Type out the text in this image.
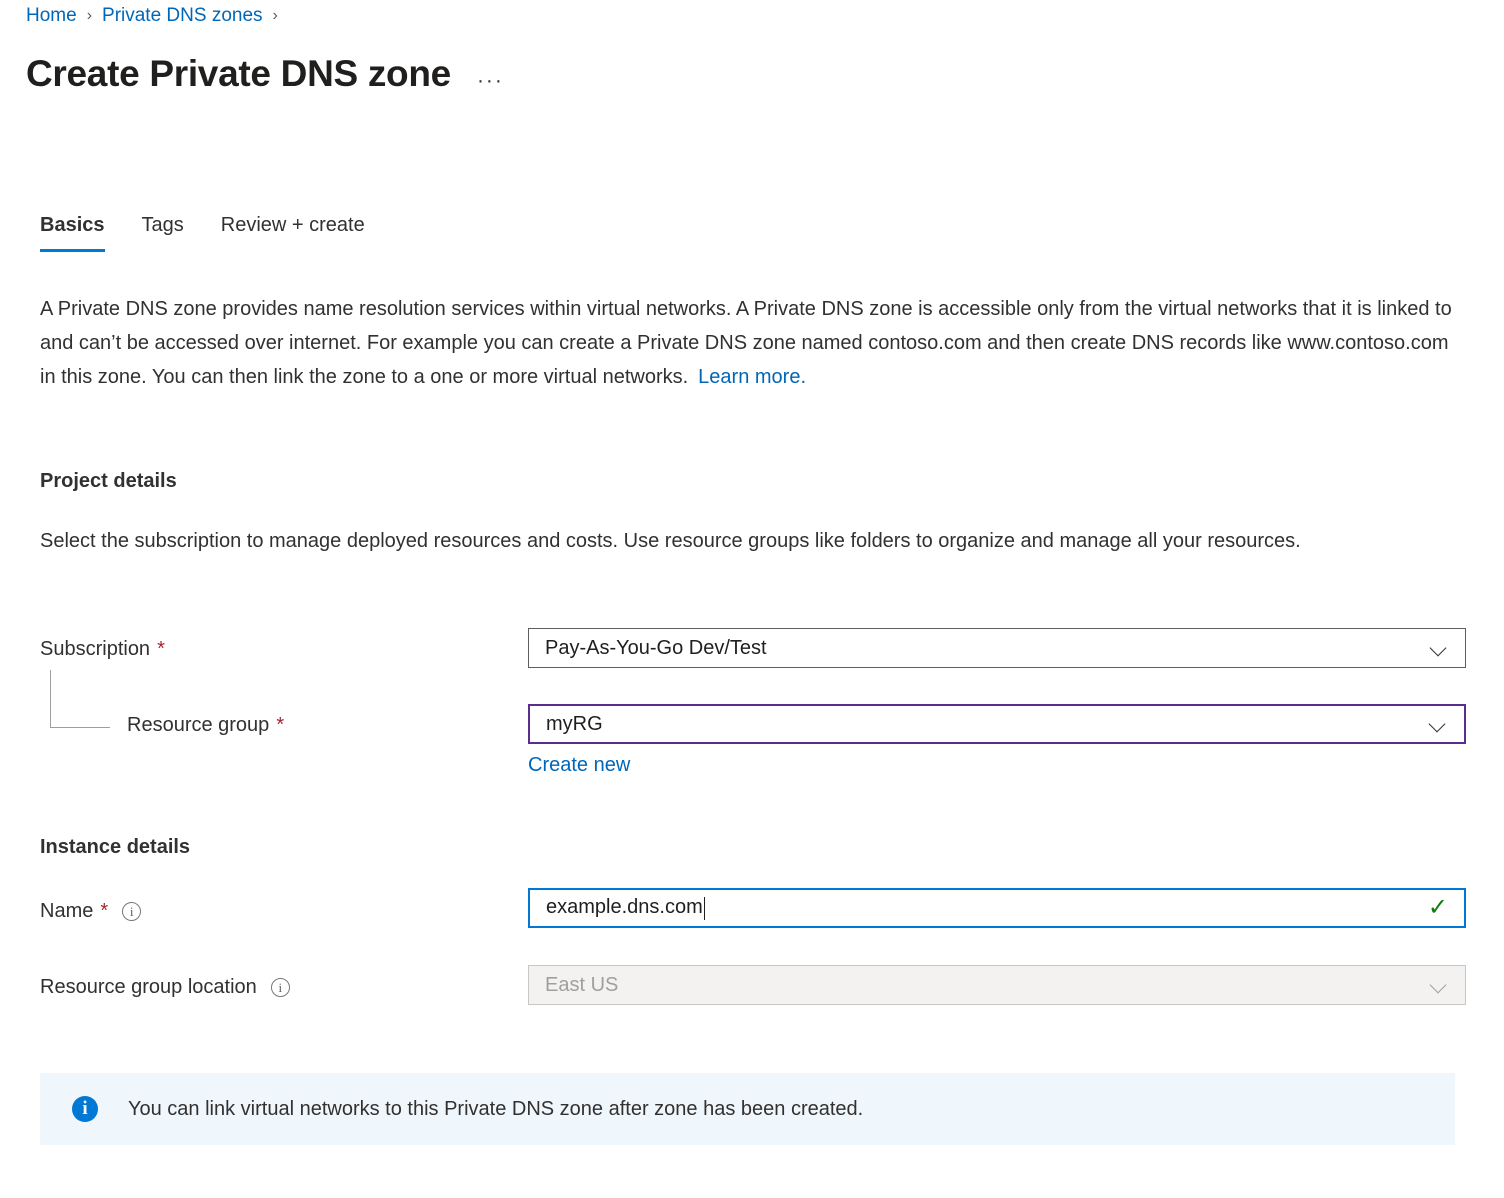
Home › Private DNS zones ›
Create Private DNS zone ···
Basics Tags Review + create
A Private DNS zone provides name resolution services within virtual networks. A Private DNS zone is accessible only from the virtual networks that it is linked to and can’t be accessed over internet. For example you can create a Private DNS zone named contoso.com and then create DNS records like www.contoso.com in this zone. You can then link the zone to a one or more virtual networks. Learn more.
Project details
Select the subscription to manage deployed resources and costs. Use resource groups like folders to organize and manage all your resources.
Subscription *	Pay-As-You-Go Dev/Test
Resource group *	myRG
Create new
Instance details
Name *	i	example.dns.com	✓
Resource group location	i	East US
i	You can link virtual networks to this Private DNS zone after zone has been created.
